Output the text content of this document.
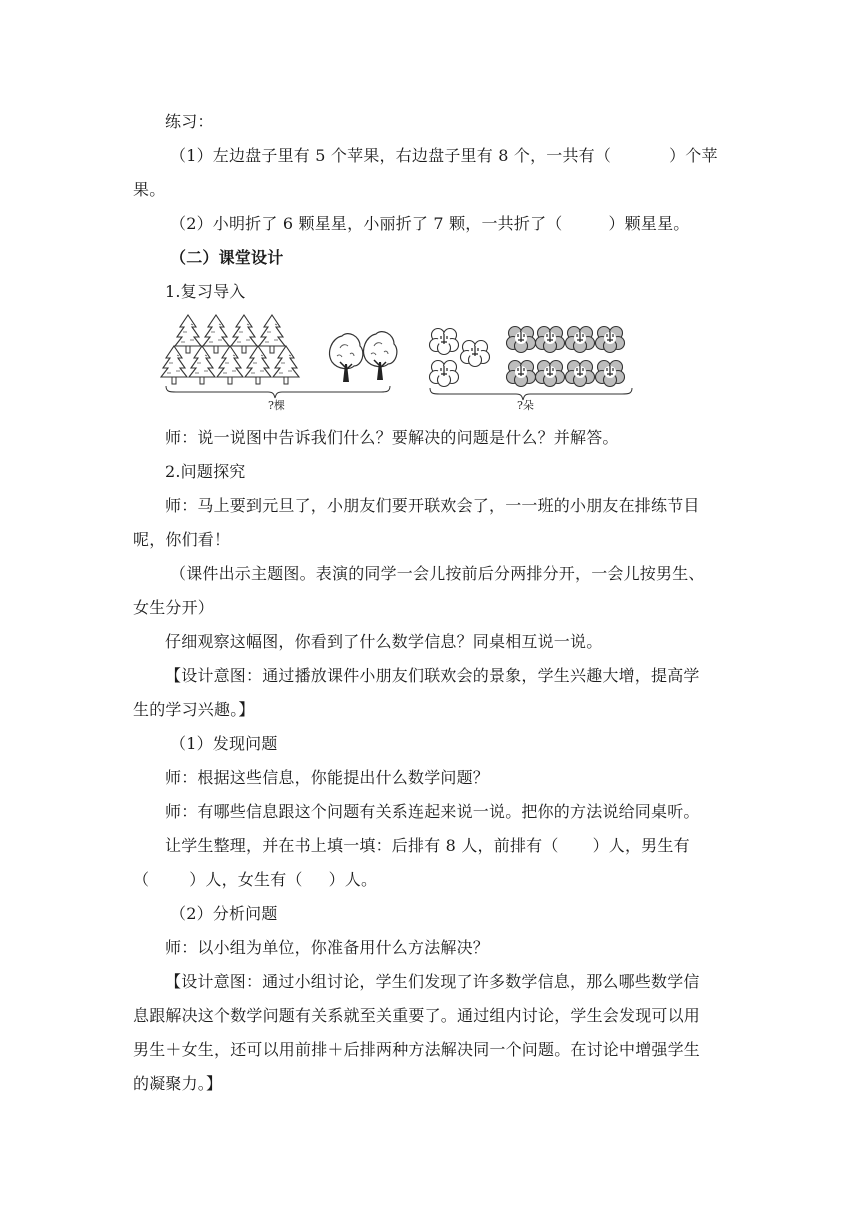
练习：
（1）左边盘子里有 5 个苹果，右边盘子里有 8 个，一共有（	）个苹
果。
（2）小明折了 6 颗星星，小丽折了 7 颗，一共折了（	）颗星星。
（二）课堂设计
1.复习导入
?棵	?朵
师：说一说图中告诉我们什么？要解决的问题是什么？并解答。
2.问题探究
师：马上要到元旦了，小朋友们要开联欢会了，一一班的小朋友在排练节目
呢，你们看！
（课件出示主题图。表演的同学一会儿按前后分两排分开，一会儿按男生、
女生分开）
仔细观察这幅图，你看到了什么数学信息？同桌相互说一说。
【设计意图：通过播放课件小朋友们联欢会的景象，学生兴趣大增，提高学
生的学习兴趣。】
（1）发现问题
师：根据这些信息，你能提出什么数学问题？
师：有哪些信息跟这个问题有关系连起来说一说。把你的方法说给同桌听。
让学生整理，并在书上填一填：后排有 8 人，前排有（ ）人，男生有
（	）人，女生有（ ）人。
（2）分析问题
师：以小组为单位，你准备用什么方法解决？
【设计意图：通过小组讨论，学生们发现了许多数学信息，那么哪些数学信
息跟解决这个数学问题有关系就至关重要了。通过组内讨论，学生会发现可以用
男生＋女生，还可以用前排＋后排两种方法解决同一个问题。在讨论中增强学生
的凝聚力。】
